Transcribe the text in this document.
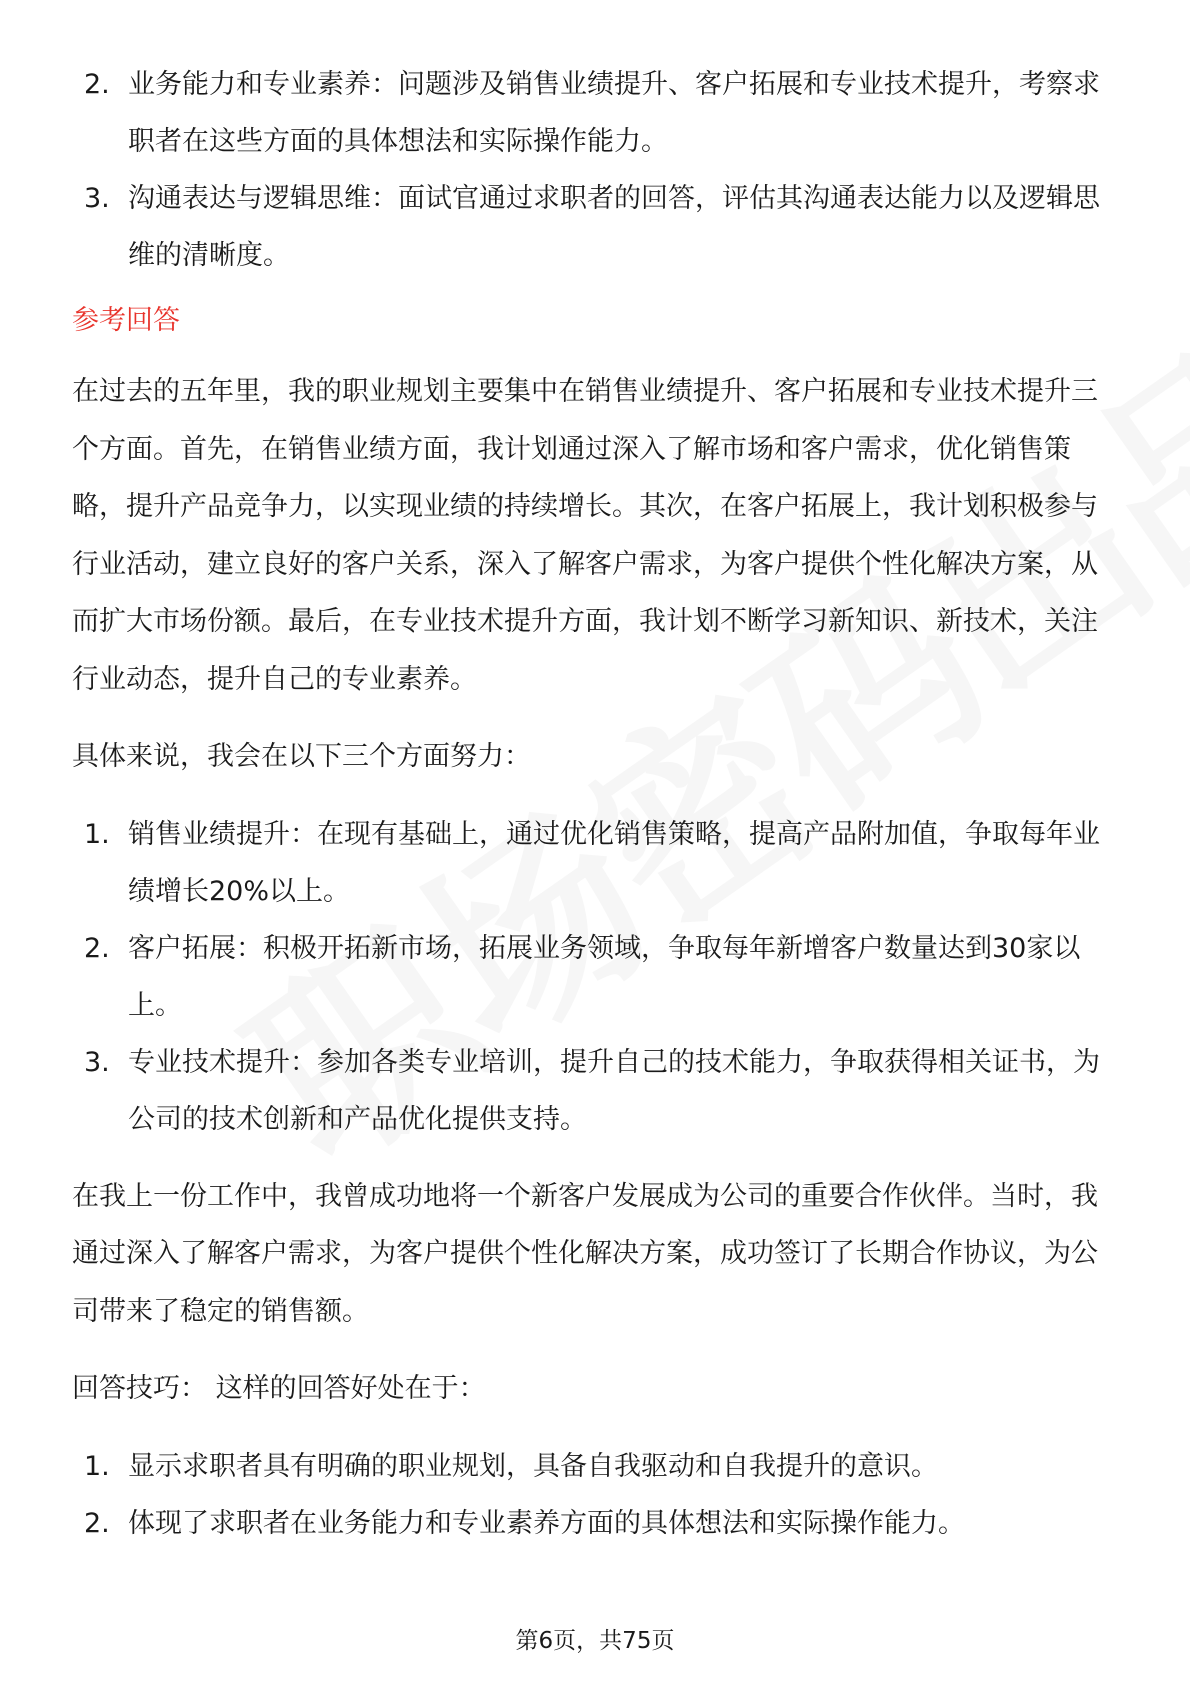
2. 业务能力和专业素养：问题涉及销售业绩提升、客户拓展和专业技术提升，考察求职者在这些方面的具体想法和实际操作能力。
3. 沟通表达与逻辑思维：面试官通过求职者的回答，评估其沟通表达能力以及逻辑思维的清晰度。
参考回答

在过去的五年里，我的职业规划主要集中在销售业绩提升、客户拓展和专业技术提升三个方面。首先，在销售业绩方面，我计划通过深入了解市场和客户需求，优化销售策略，提升产品竞争力，以实现业绩的持续增长。其次，在客户拓展上，我计划积极参与行业活动，建立良好的客户关系，深入了解客户需求，为客户提供个性化解决方案，从而扩大市场份额。最后，在专业技术提升方面，我计划不断学习新知识、新技术，关注行业动态，提升自己的专业素养。

具体来说，我会在以下三个方面努力：

1. 销售业绩提升：在现有基础上，通过优化销售策略，提高产品附加值，争取每年业绩增长20%以上。
2. 客户拓展：积极开拓新市场，拓展业务领域，争取每年新增客户数量达到30家以上。
3. 专业技术提升：参加各类专业培训，提升自己的技术能力，争取获得相关证书，为公司的技术创新和产品优化提供支持。

在我上一份工作中，我曾成功地将一个新客户发展成为公司的重要合作伙伴。当时，我通过深入了解客户需求，为客户提供个性化解决方案，成功签订了长期合作协议，为公司带来了稳定的销售额。

回答技巧： 这样的回答好处在于：

1. 显示求职者具有明确的职业规划，具备自我驱动和自我提升的意识。
2. 体现了求职者在业务能力和专业素养方面的具体想法和实际操作能力。
第6页，共75页
